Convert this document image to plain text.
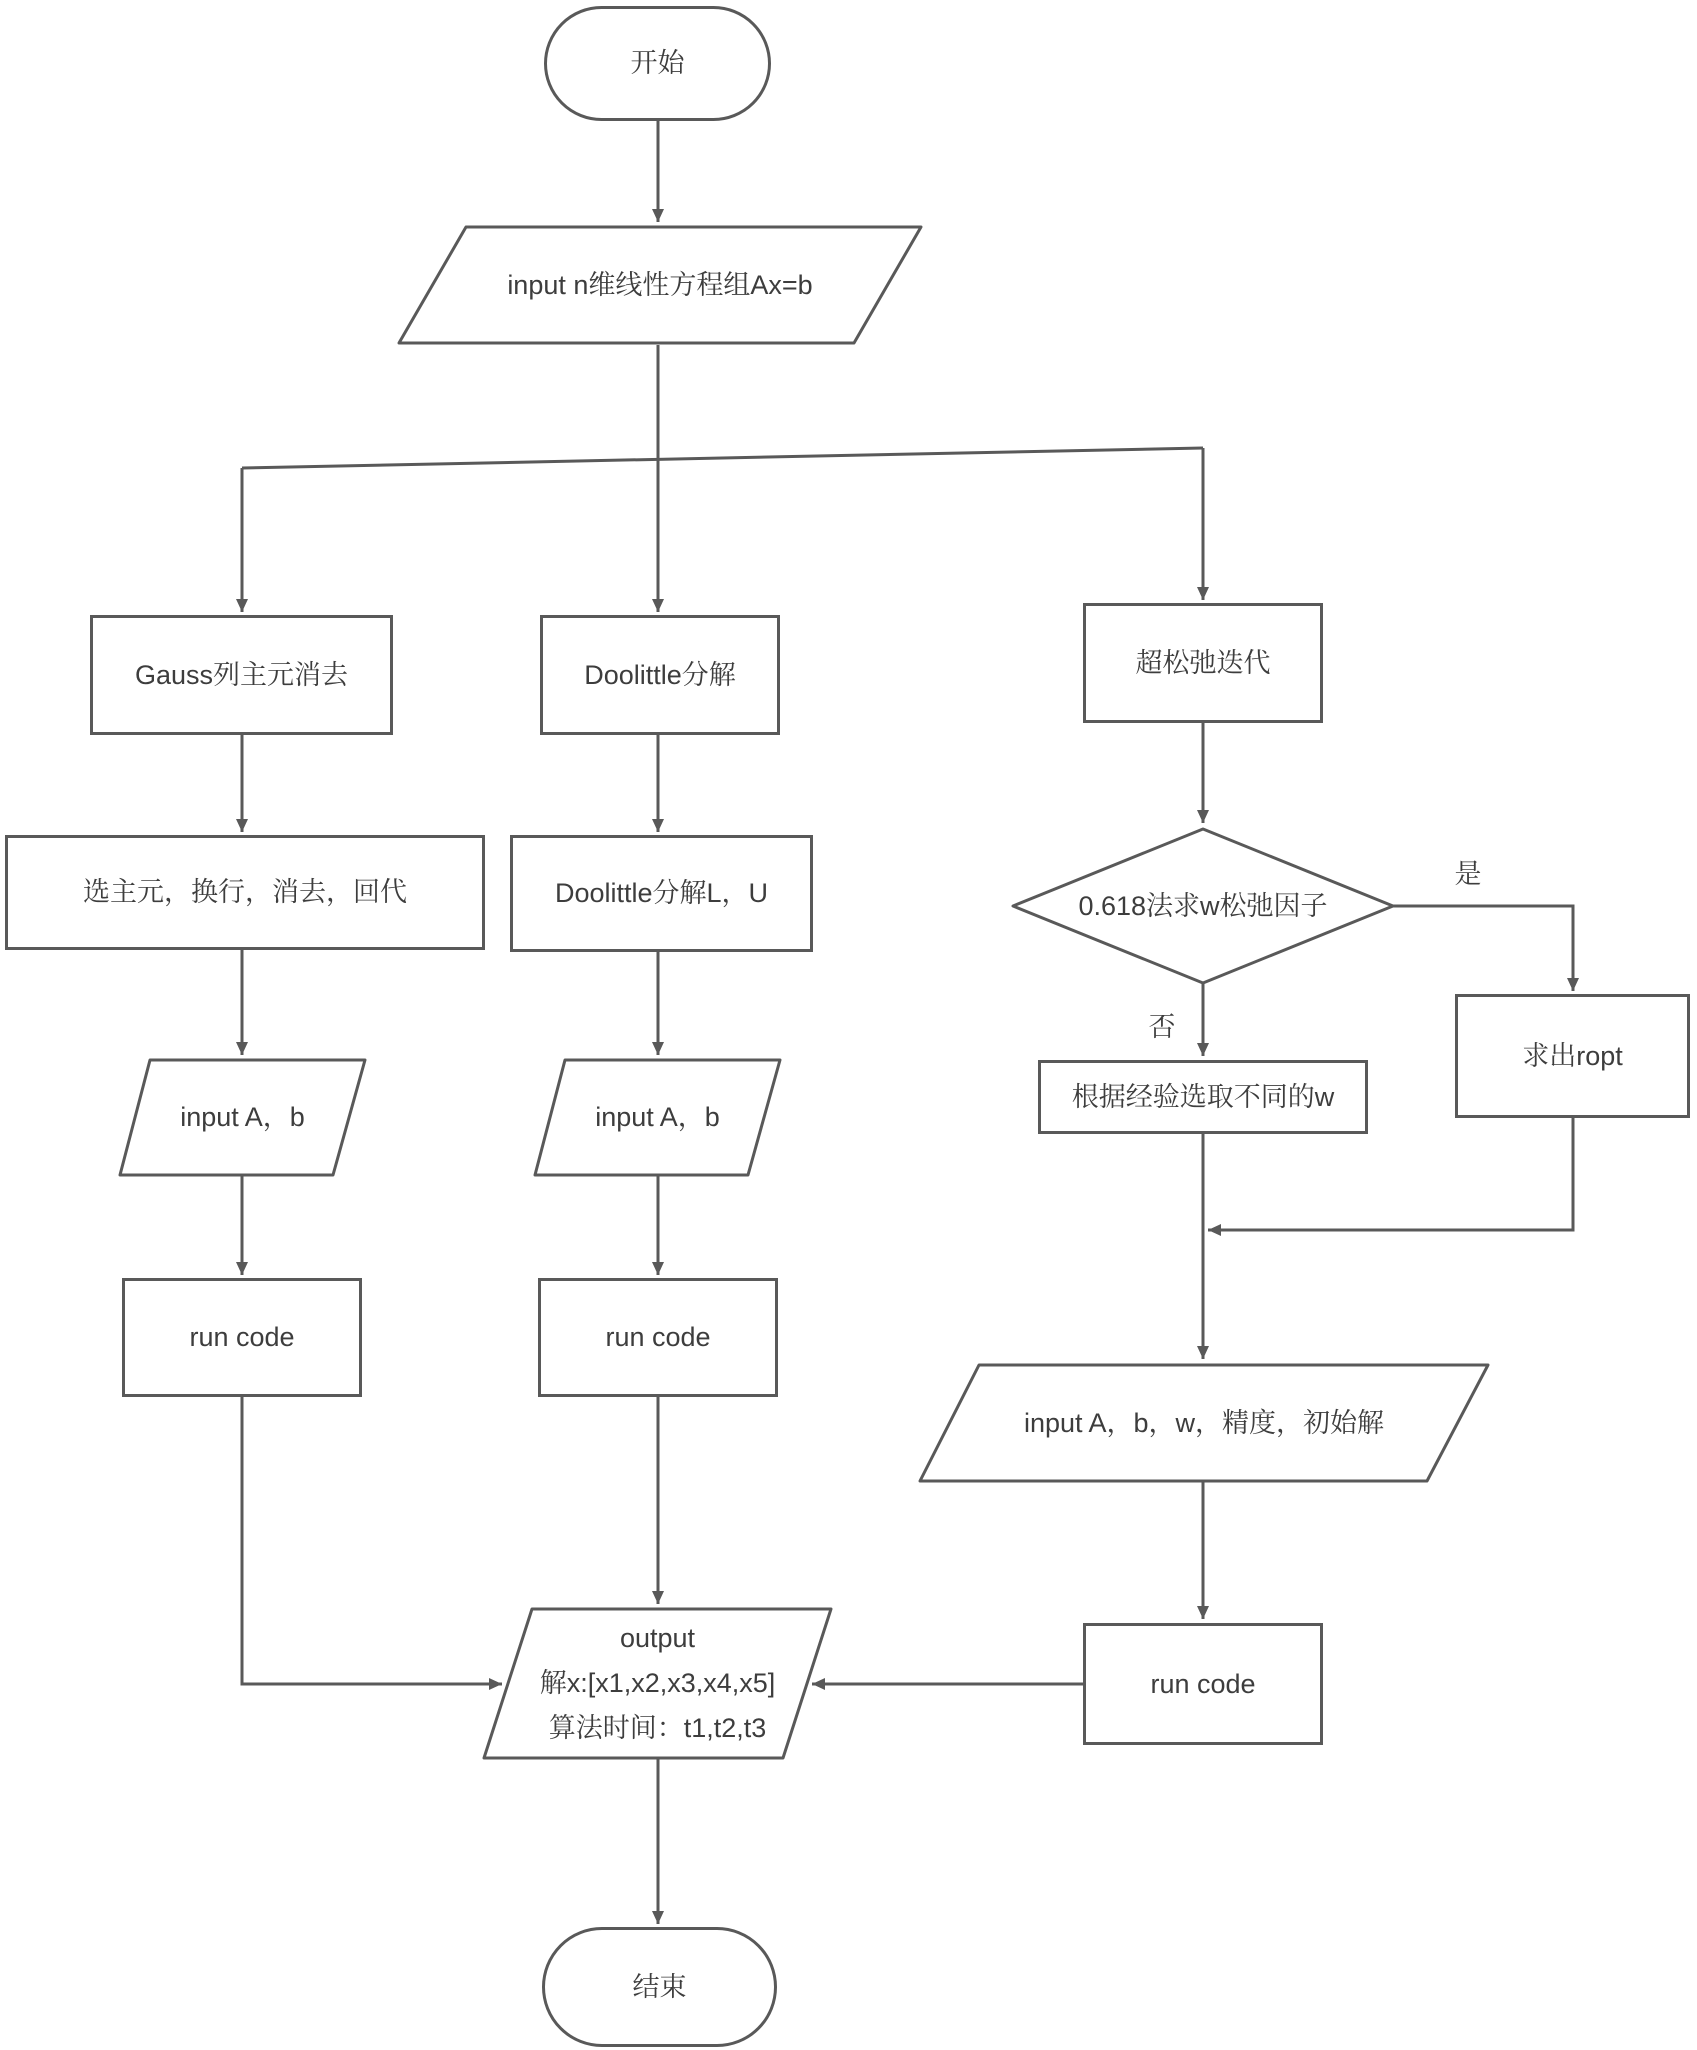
开始
input n维线性方程组Ax=b
Gauss列主元消去	Doolittle分解	超松弛迭代
选主元，换行，消去，回代	Doolittle分解L，U	0.618法求w松弛因子
是
否
求出ropt
根据经验选取不同的w
input A，b	input A，b
run code	run code
input A，b，w，精度，初始解
run code
output
解x:[x1,x2,x3,x4,x5]
算法时间：t1,t2,t3
结束
